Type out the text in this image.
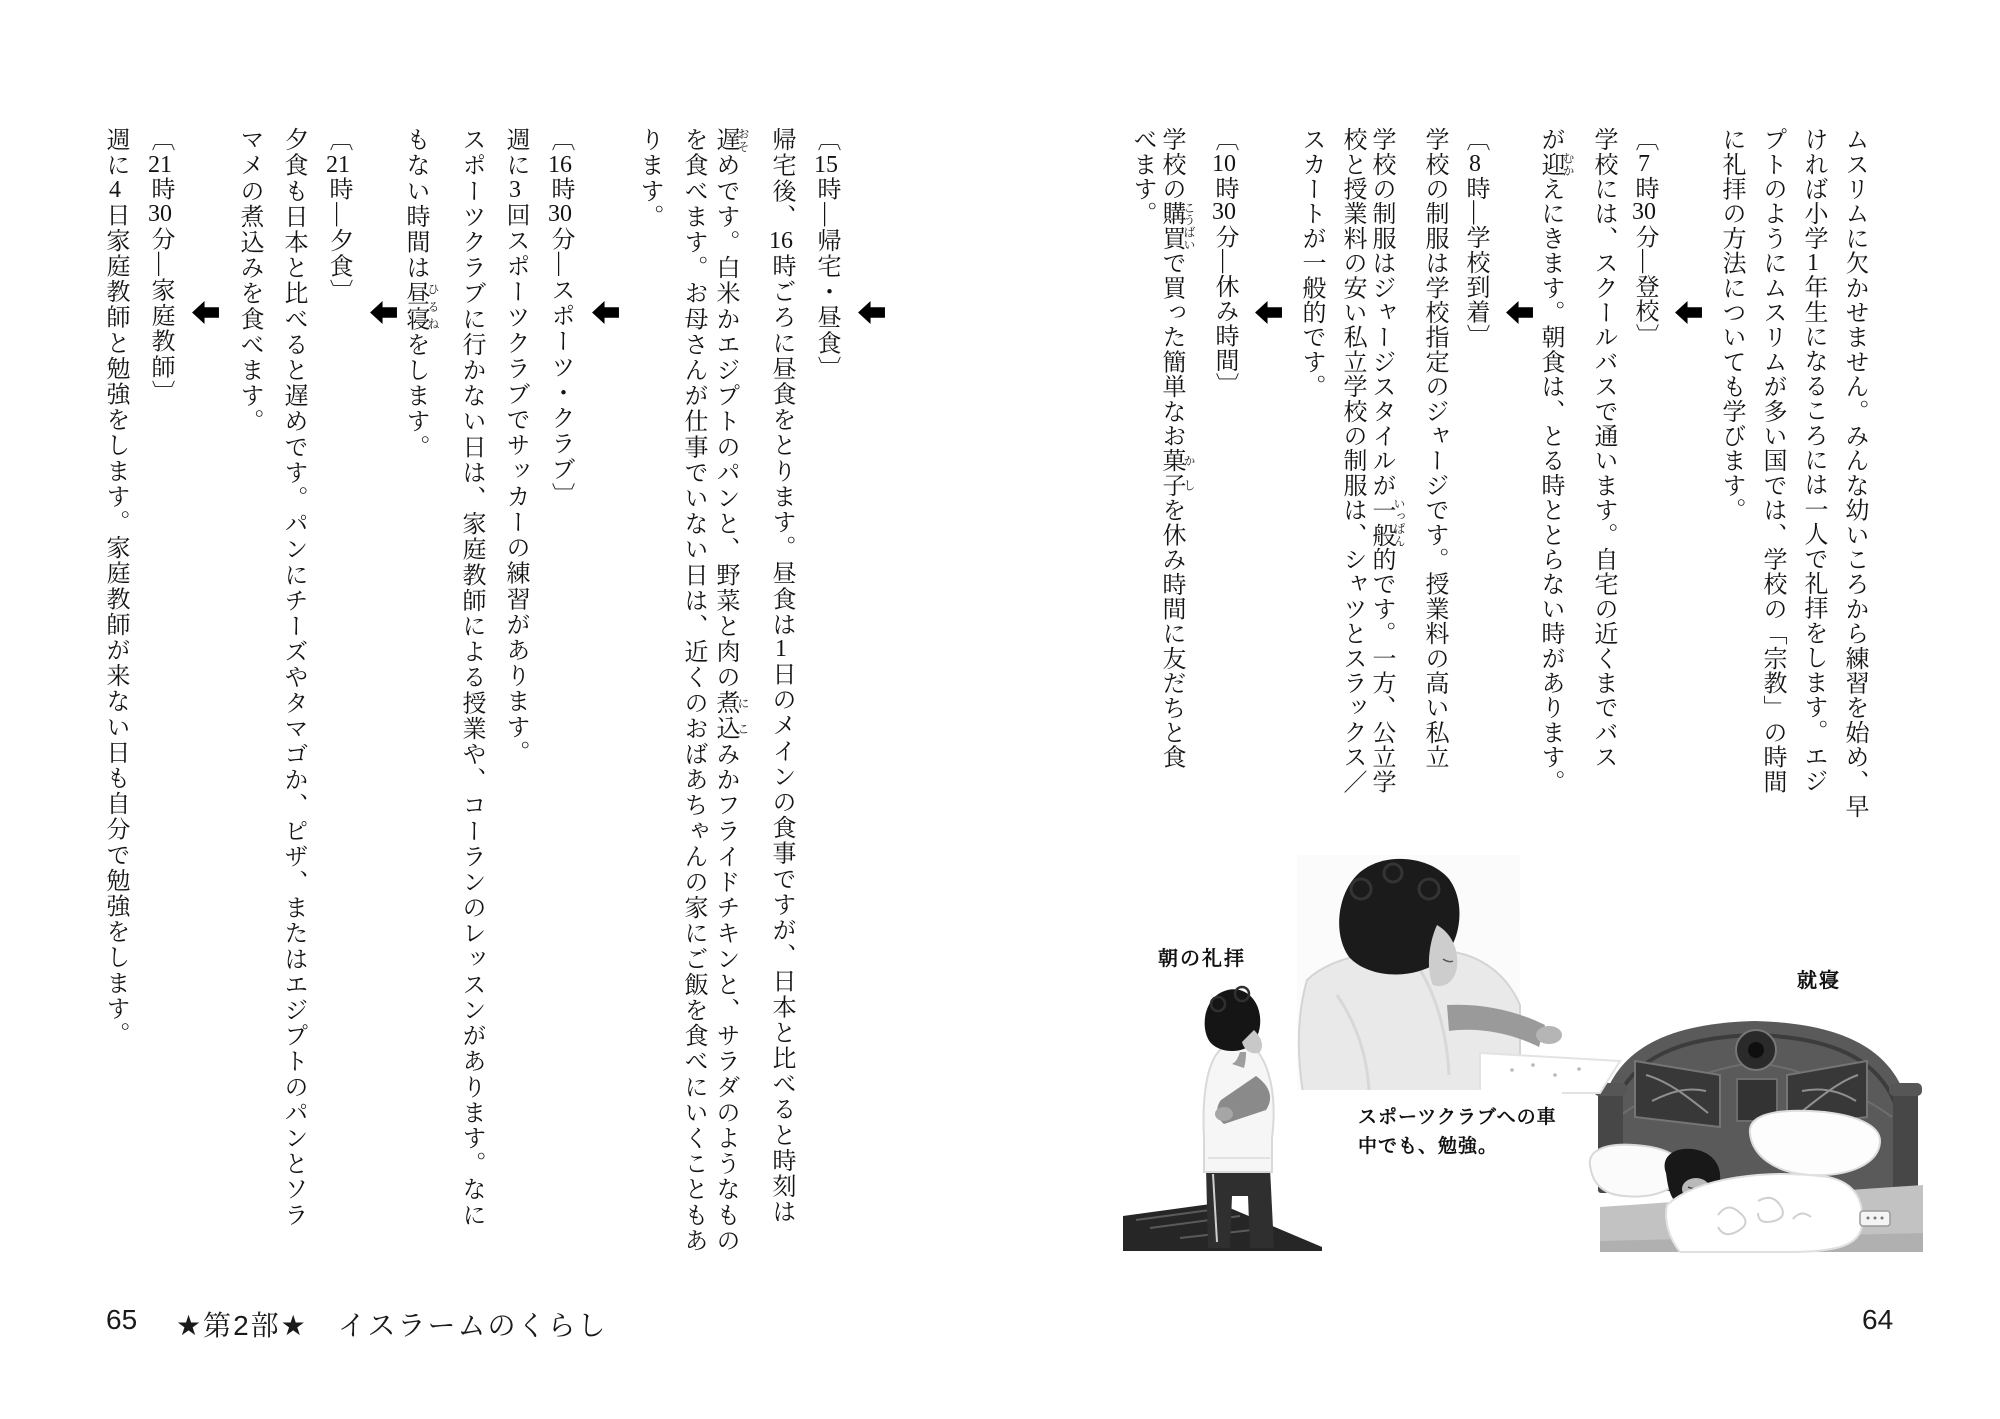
ムスリムに欠かせません。みんな幼いころから練習を始め、早
ければ小学1年生になるころには一人で礼拝をします。エジ
プトのようにムスリムが多い国では、学校の「宗教」の時間
に礼拝の方法についても学びます。
〔7時30分―登校〕
学校には、スクールバスで通います。自宅の近くまでバス
が迎むかえにきます。朝食は、とる時ととらない時があります。
〔8時―学校到着〕
学校の制服は学校指定のジャージです。授業料の高い私立
学校の制服はジャージスタイルが一般いっぱん的です。一方、公立学
校と授業料の安い私立学校の制服は、シャツとスラックス／
スカートが一般的です。
〔10時30分―休み時間〕
学校の購買こうばいで買った簡単なお菓子かしを休み時間に友だちと食
べます。
〔15時―帰宅・昼食〕
帰宅後、16時ごろに昼食をとります。昼食は1日のメインの食事ですが、日本と比べると時刻は
遅おそめです。白米かエジプトのパンと、野菜と肉の煮込にこみかフライドチキンと、サラダのようなもの
を食べます。お母さんが仕事でいない日は、近くのおばあちゃんの家にご飯を食べにいくこともあ
ります。
〔16時30分―スポーツ・クラブ〕
週に3回スポーツクラブでサッカーの練習があります。
スポーツクラブに行かない日は、家庭教師による授業や、コーランのレッスンがあります。なに
もない時間は昼寝ひるねをします。
〔21時―夕食〕
夕食も日本と比べると遅めです。パンにチーズやタマゴか、ピザ、またはエジプトのパンとソラ
マメの煮込みを食べます。
〔21時30分―家庭教師〕
週に4日家庭教師と勉強をします。家庭教師が来ない日も自分で勉強をします。	朝の礼拝
就寝
スポーツクラブへの車
中でも、勉強。
65 ★第2部★　イスラームのくらし	64
